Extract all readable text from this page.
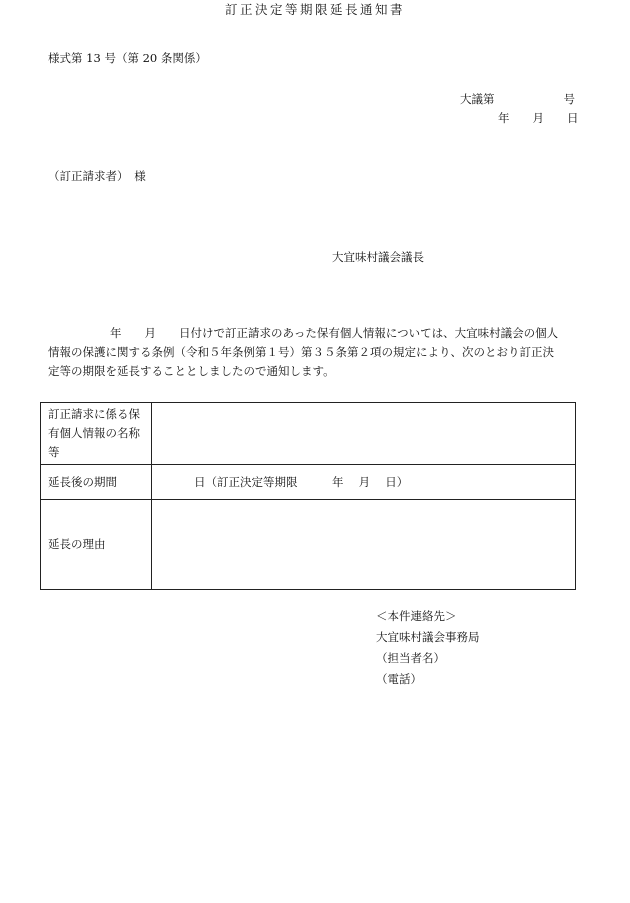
様式第 13 号（第 20 条関係）
大議第　　　　　　号
年　　月　　日
（訂正請求者）　様
大宜味村議会議長
訂正決定等期限延長通知書
年　　月　　日付けで訂正請求のあった保有個人情報については、大宜味村議会の個人
情報の保護に関する条例（令和５年条例第１号）第３５条第２項の規定により、次のとおり訂正決
定等の期限を延長することとしましたので通知します。
訂正請求に係る保有個人情報の名称等	
延長後の期間	日（訂正決定等期限　　　年　 月　 日）
延長の理由	
＜本件連絡先＞
大宜味村議会事務局
（担当者名）
（電話）
